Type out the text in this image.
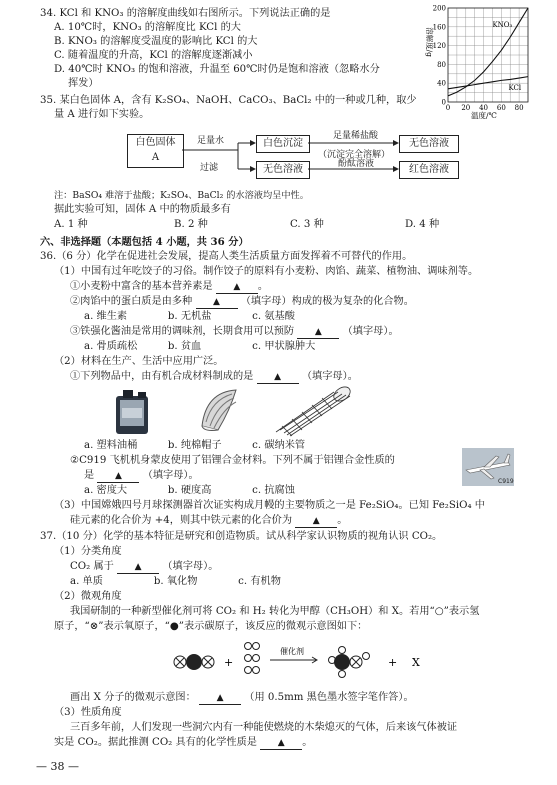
34. KCl 和 KNO₃ 的溶解度曲线如右图所示。下列说法正确的是
A. 10℃时，KNO₃ 的溶解度比 KCl 的大
B. KNO₃ 的溶解度受温度的影响比 KCl 的大
C. 随着温度的升高，KCl 的溶解度逐渐减小
D. 40℃时 KNO₃ 的饱和溶液，升温至 60℃时仍是饱和溶液（忽略水分
挥发）
溶解度/g
0
40
80
120
160
200
0 20 40 60 80
KNO₃
KCl
温度/℃
35. 某白色固体 A，含有 K₂SO₄、NaOH、CaCO₃、BaCl₂ 中的一种或几种，取少
量 A 进行如下实验。
白色固体
A
足量水
过滤
白色沉淀
无色溶液
足量稀盐酸
（沉淀完全溶解）
酚酞溶液
无色溶液
红色溶液
注：BaSO₄ 难溶于盐酸；K₂SO₄、BaCl₂ 的水溶液均呈中性。
据此实验可知，固体 A 中的物质最多有
A. 1 种	B. 2 种	C. 3 种	D. 4 种
六、非选择题（本题包括 4 小题，共 36 分）
36.（6 分）化学在促进社会发展，提高人类生活质量方面发挥着不可替代的作用。
（1）中国有过年吃饺子的习俗。制作饺子的原料有小麦粉、肉馅、蔬菜、植物油、调味剂等。
①小麦粉中富含的基本营养素是 ▲ 。
②肉馅中的蛋白质是由多种 ▲ （填字母）构成的极为复杂的化合物。
a. 维生素　　　　b. 无机盐　　　　c. 氨基酸
③铁强化酱油是常用的调味剂，长期食用可以预防 ▲ （填字母）。
a. 骨质疏松　　　b. 贫血　　　　　c. 甲状腺肿大
（2）材料在生产、生活中应用广泛。
①下列物品中，由有机合成材料制成的是 ▲ （填字母）。
a. 塑料油桶　　　b. 纯棉帽子　　　c. 碳纳米管
②C919 飞机机身蒙皮使用了铝锂合金材料。下列不属于铝锂合金性质的
是 ▲ （填字母）。
C919
a. 密度大　　　　b. 硬度高　　　　c. 抗腐蚀
（3）中国嫦娥四号月球探测器首次证实构成月幔的主要物质之一是 Fe₂SiO₄。已知 Fe₂SiO₄ 中
硅元素的化合价为 +4，则其中铁元素的化合价为 ▲ 。
37.（10 分）化学的基本特征是研究和创造物质。试从科学家认识物质的视角认识 CO₂。
（1）分类角度
CO₂ 属于 ▲ （填字母）。
a. 单质　　　　　b. 氧化物　　　　c. 有机物
（2）微观角度
我国研制的一种新型催化剂可将 CO₂ 和 H₂ 转化为甲醇（CH₃OH）和 X。若用“○”表示氢
原子，“⊗”表示氧原子，“●”表示碳原子，该反应的微观示意图如下：
+
催化剂
+ X
画出 X 分子的微观示意图： ▲ （用 0.5mm 黑色墨水签字笔作答）。
（3）性质角度
三百多年前，人们发现一些洞穴内有一种能使燃烧的木柴熄灭的气体，后来该气体被证
实是 CO₂。据此推测 CO₂ 具有的化学性质是 ▲ 。
— 38 —
